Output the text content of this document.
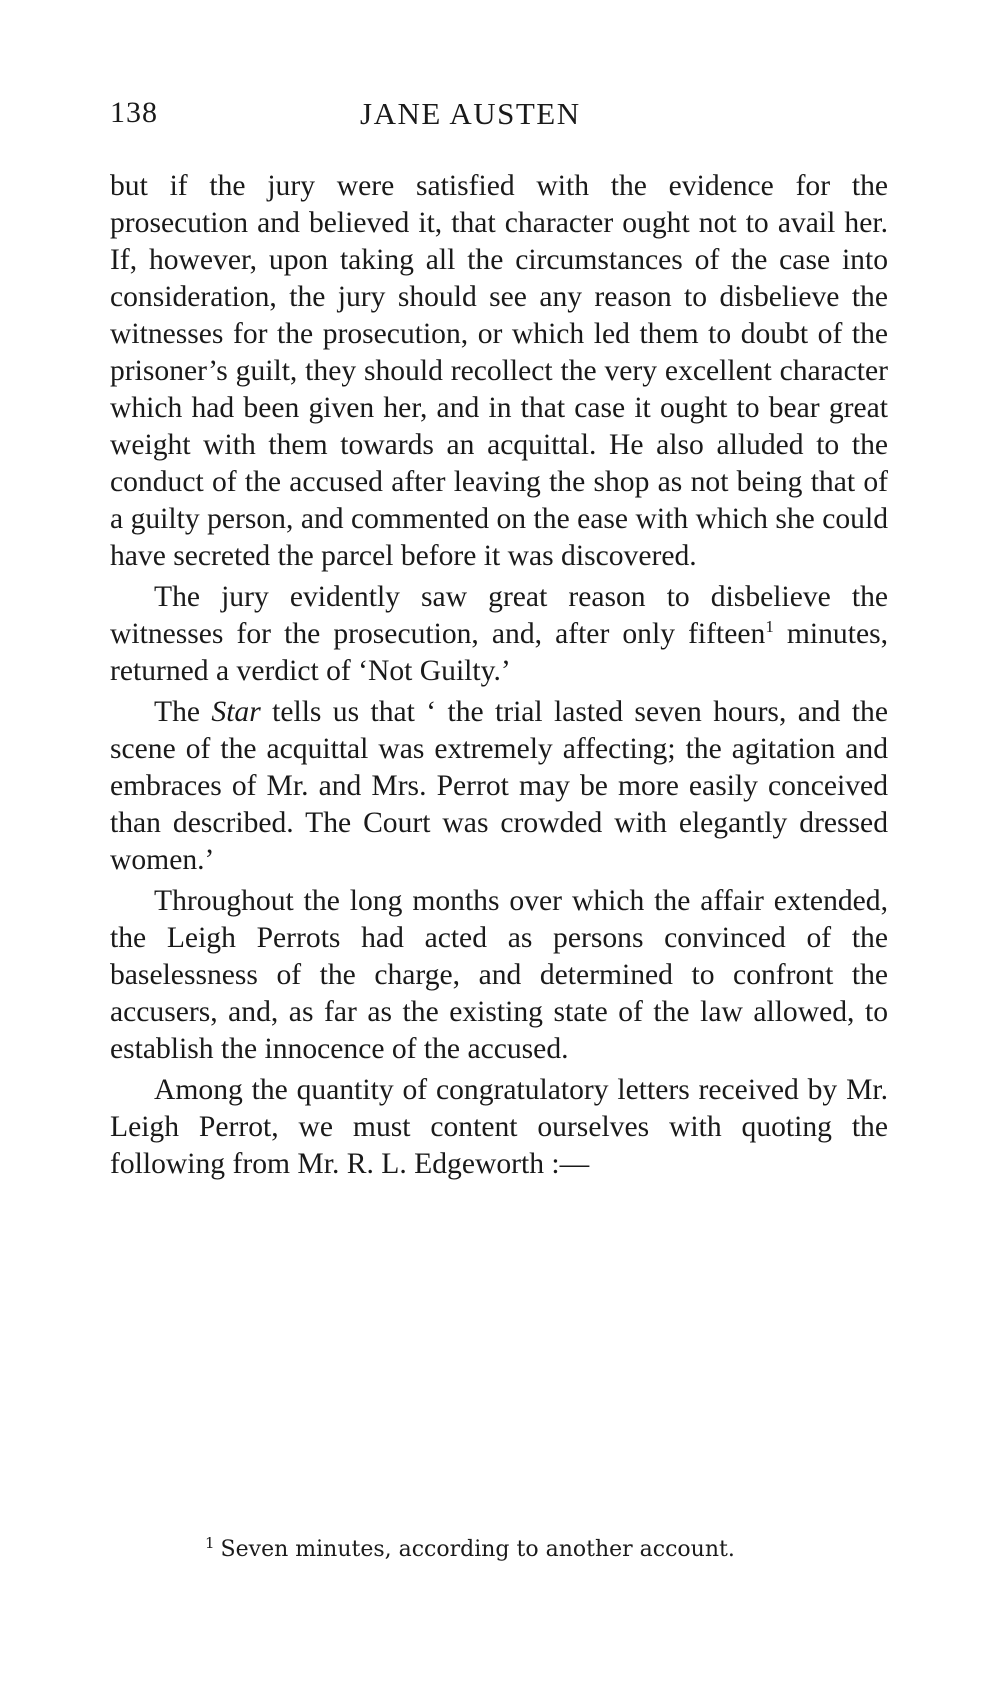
138	JANE AUSTEN

but if the jury were satisfied with the evidence for the prosecution and believed it, that character ought not to avail her. If, however, upon taking all the circumstances of the case into consideration, the jury should see any reason to disbelieve the witnesses for the prosecution, or which led them to doubt of the prisoner’s guilt, they should recollect the very excellent character which had been given her, and in that case it ought to bear great weight with them towards an acquittal. He also alluded to the conduct of the accused after leaving the shop as not being that of a guilty person, and commented on the ease with which she could have secreted the parcel before it was discovered.

The jury evidently saw great reason to disbelieve the witnesses for the prosecution, and, after only fifteen$^1$ minutes, returned a verdict of ‘Not Guilty.’

The Star tells us that ‘ the trial lasted seven hours, and the scene of the acquittal was extremely affecting; the agitation and embraces of Mr. and Mrs. Perrot may be more easily conceived than described. The Court was crowded with elegantly dressed women.’

Throughout the long months over which the affair extended, the Leigh Perrots had acted as persons convinced of the baselessness of the charge, and determined to confront the accusers, and, as far as the existing state of the law allowed, to establish the innocence of the accused.

Among the quantity of congratulatory letters received by Mr. Leigh Perrot, we must content ourselves with quoting the following from Mr. R. L. Edgeworth :—

$^1$ Seven minutes, according to another account.
